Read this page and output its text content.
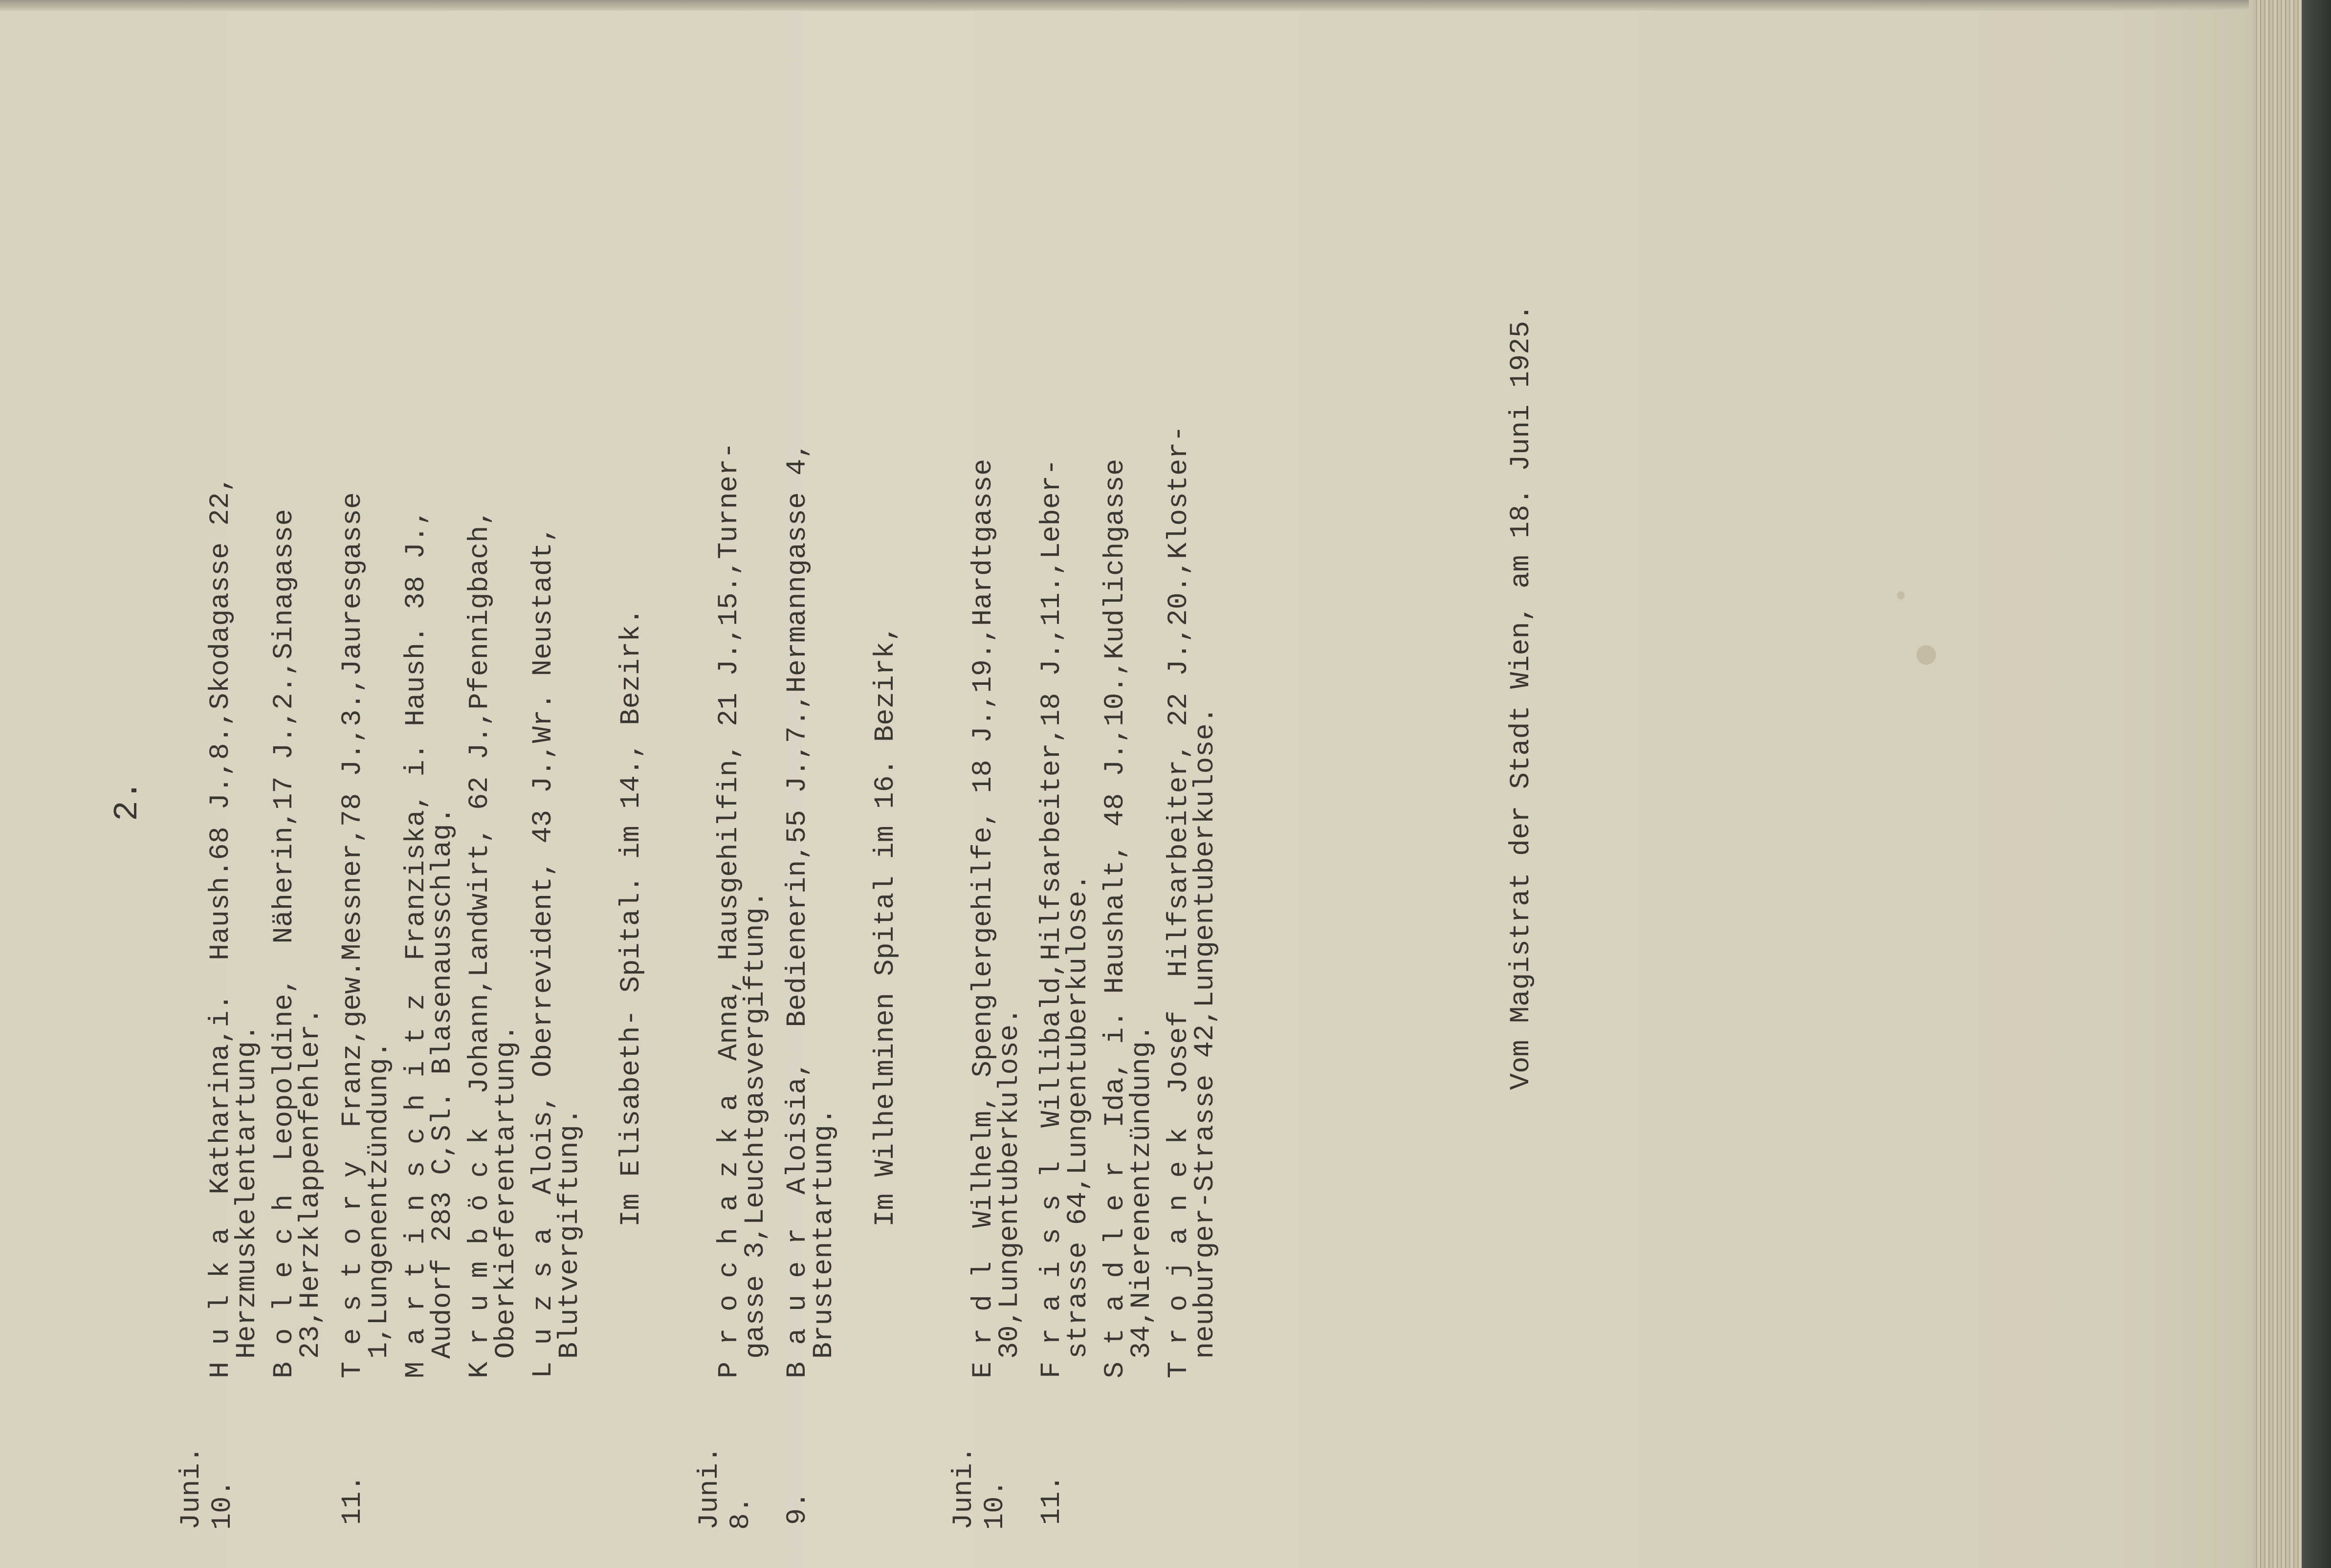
2.
Juni. 10.
H u l k a  Katharina,i.  Haush.68 J.,8.,Skodagasse 22,
Herzmuskelentartung. B o l e c h  Leopoldine,  Näherin,17 J.,2.,Sinagasse
23,Herzklappenfehler.
11.
T e s t o r y  Franz,gew.Messner,78 J.,3.,Jauresgasse
1,Lungenentzündung. M a r t i n s c h i t z  Franziska, i. Haush. 38 J.,
Audorf 283 C,Sl. Blasenausschlag. K r u m b ö c k  Johann,Landwirt, 62 J.,Pfennigbach,
Oberkieferentartung. L u z s a  Alois, Oberrevident, 43 J.,Wr. Neustadt,
Blutvergiftung.
Im Elisabeth- Spital. im 14., Bezirk.
Juni. 8.
P r o c h a z k a  Anna, Hausgehilfin, 21 J.,15.,Turner-
gasse 3,Leuchtgasvergiftung.
9.
B a u e r  Aloisia,  Bedienerin,55 J.,7.,Hermanngasse 4,
Brustentartung.
Im Wilhelminen Spital im 16. Bezirk,
Juni. 10.
E r d l  Wilhelm, Spenglergehilfe, 18 J.,19.,Hardtgasse
30,Lungentuberkulose.
11.
F r a i s s l  Willibald,Hilfsarbeiter,18 J.,11.,Leber-
strasse 64,Lungentuberkulose. S t a d l e r  Ida, i. Haushalt, 48 J.,10.,Kudlichgasse
34,Nierenentzündung. T r o j a n e k  Josef  Hilfsarbeiter, 22 J.,20.,Kloster-
neuburger-Strasse 42,Lungentuberkulose.	Vom Magistrat der Stadt Wien, am 18. Juni 1925.
